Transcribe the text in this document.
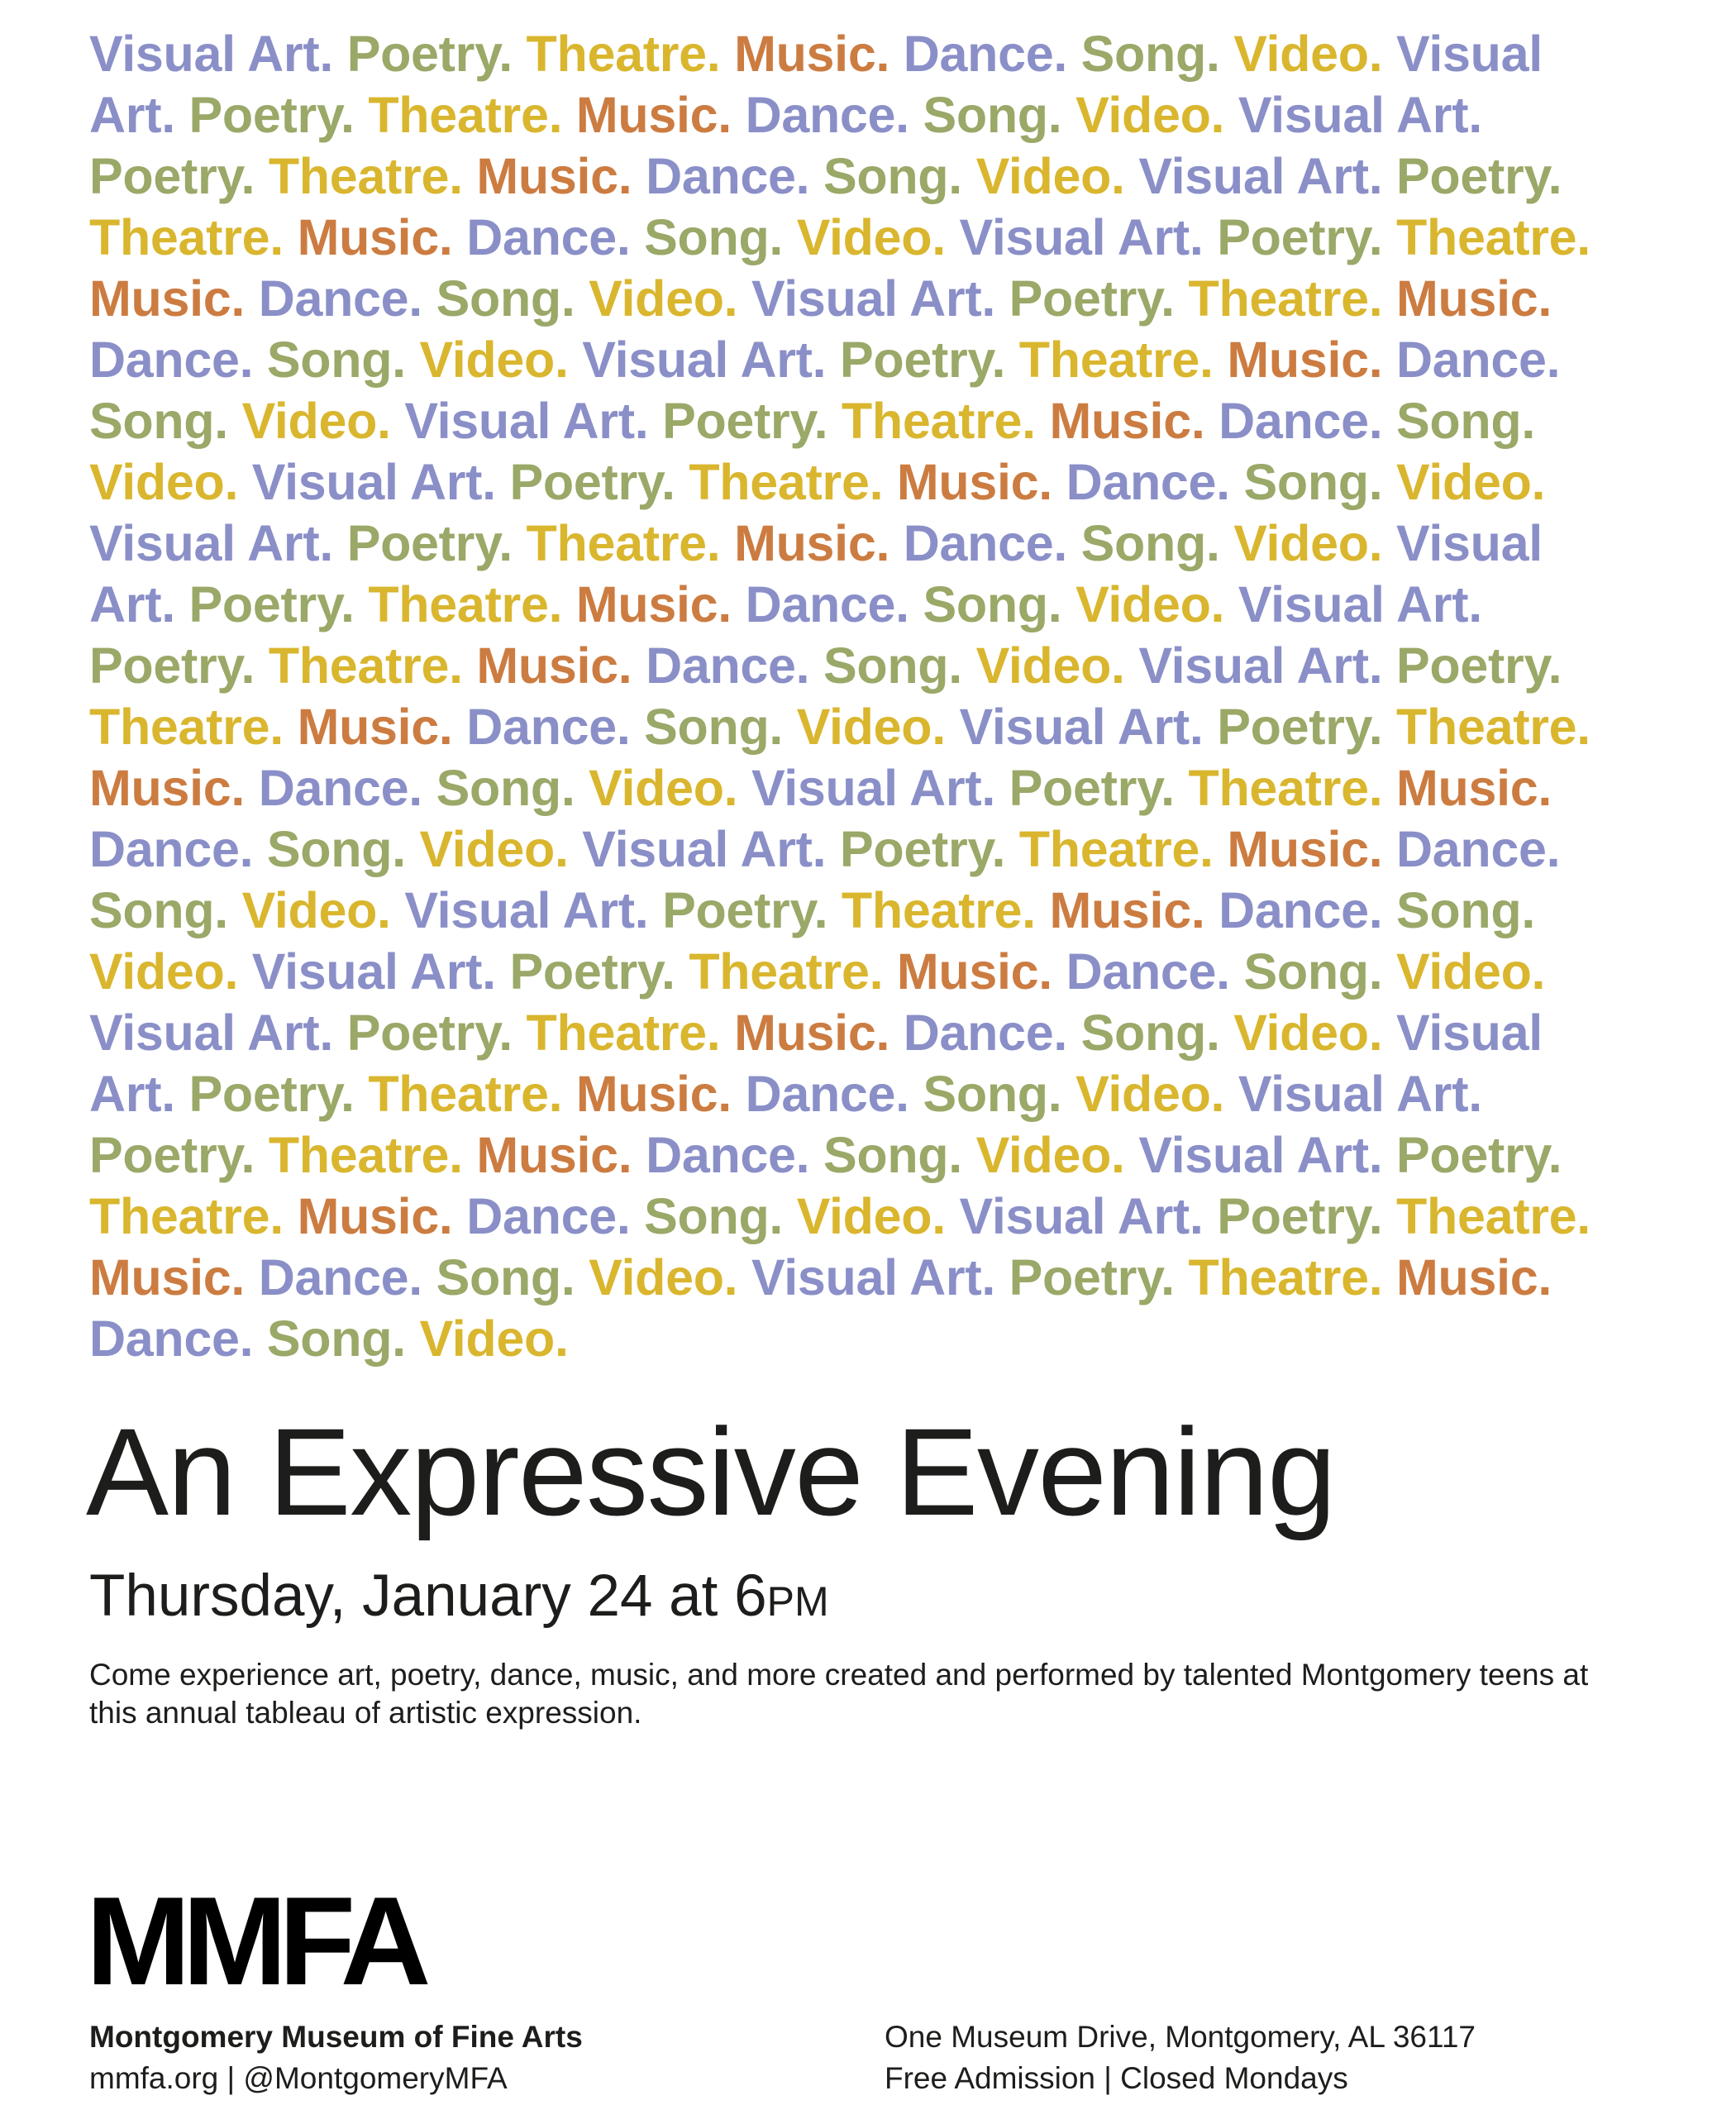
Visual Art. Poetry. Theatre. Music. Dance. Song. Video. Visual
Art. Poetry. Theatre. Music. Dance. Song. Video. Visual Art.
Poetry. Theatre. Music. Dance. Song. Video. Visual Art. Poetry.
Theatre. Music. Dance. Song. Video. Visual Art. Poetry. Theatre.
Music. Dance. Song. Video. Visual Art. Poetry. Theatre. Music.
Dance. Song. Video. Visual Art. Poetry. Theatre. Music. Dance.
Song. Video. Visual Art. Poetry. Theatre. Music. Dance. Song.
Video. Visual Art. Poetry. Theatre. Music. Dance. Song. Video.
Visual Art. Poetry. Theatre. Music. Dance. Song. Video. Visual
Art. Poetry. Theatre. Music. Dance. Song. Video. Visual Art.
Poetry. Theatre. Music. Dance. Song. Video. Visual Art. Poetry.
Theatre. Music. Dance. Song. Video. Visual Art. Poetry. Theatre.
Music. Dance. Song. Video. Visual Art. Poetry. Theatre. Music.
Dance. Song. Video. Visual Art. Poetry. Theatre. Music. Dance.
Song. Video. Visual Art. Poetry. Theatre. Music. Dance. Song.
Video. Visual Art. Poetry. Theatre. Music. Dance. Song. Video.
Visual Art. Poetry. Theatre. Music. Dance. Song. Video. Visual
Art. Poetry. Theatre. Music. Dance. Song. Video. Visual Art.
Poetry. Theatre. Music. Dance. Song. Video. Visual Art. Poetry.
Theatre. Music. Dance. Song. Video. Visual Art. Poetry. Theatre.
Music. Dance. Song. Video. Visual Art. Poetry. Theatre. Music.
Dance. Song. Video.
An Expressive Evening

Thursday, January 24 at 6PM

Come experience art, poetry, dance, music, and more created and performed by talented Montgomery teens at this annual tableau of artistic expression.

MMFA
Montgomery Museum of Fine Arts
mmfa.org | @MontgomeryMFA
One Museum Drive, Montgomery, AL 36117
Free Admission | Closed Mondays
